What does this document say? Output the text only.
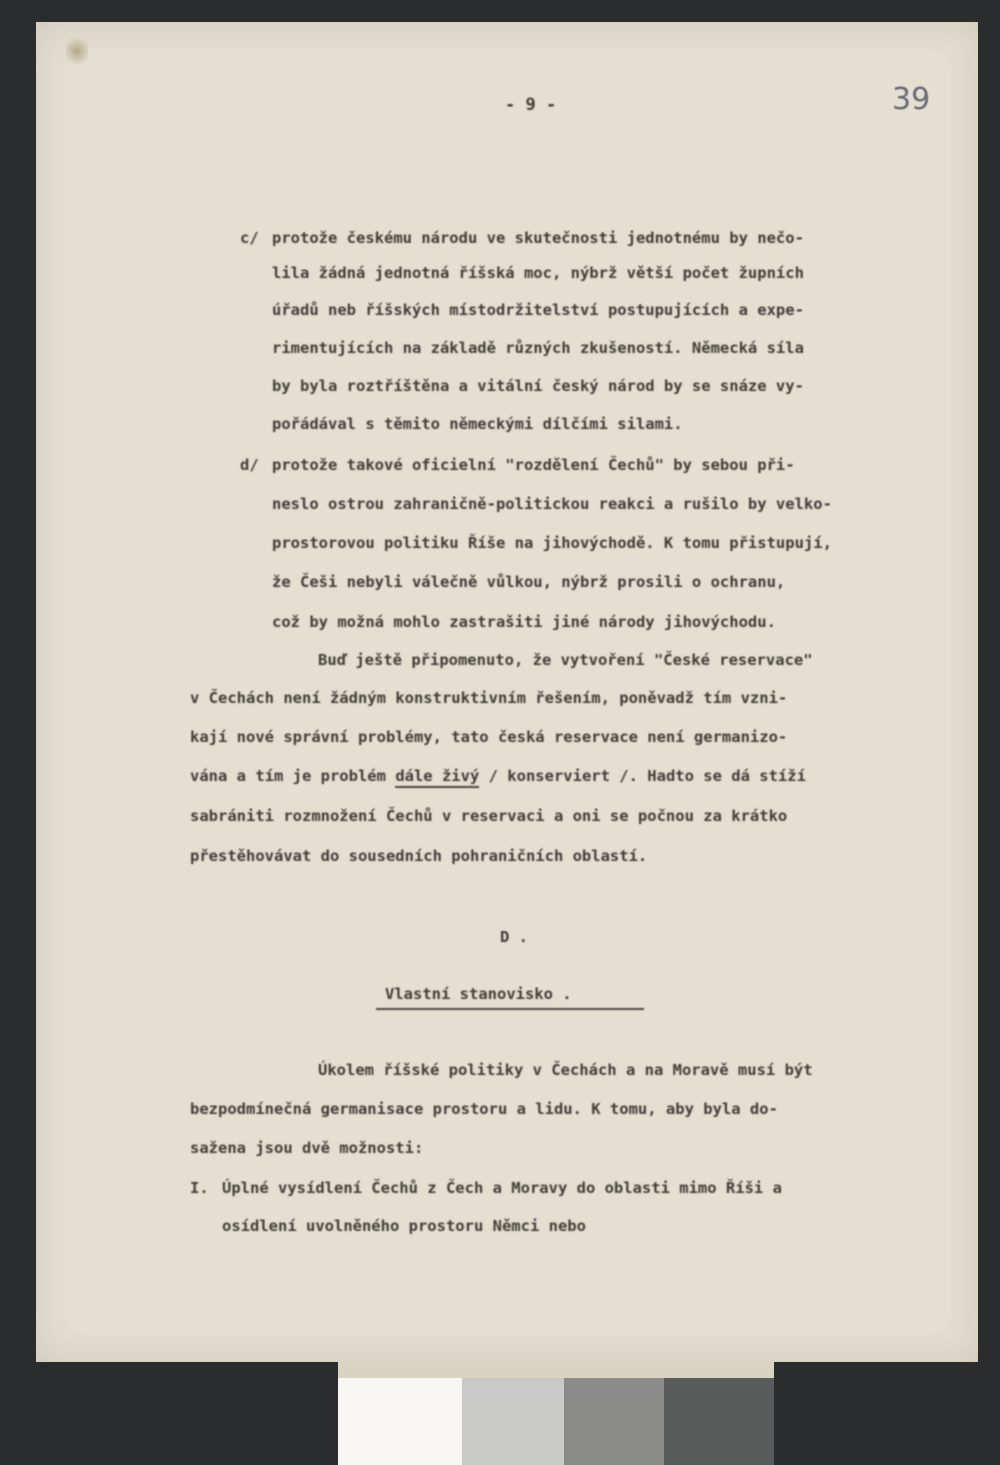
- 9 -	39
c/ protože českému národu ve skutečnosti jednotnému by nečo-
lila žádná jednotná říšská moc, nýbrž větší počet župních
úřadů neb říšských místodržitelství postupujících a expe-
rimentujících na základě různých zkušeností. Německá síla
by byla roztříštěna a vitální český národ by se snáze vy-
pořádával s těmito německými dílčími silami.
d/ protože takové oficielní "rozdělení Čechů" by sebou při-
neslo ostrou zahraničně-politickou reakci a rušilo by velko-
prostorovou politiku Říše na jihovýchodě. K tomu přistupují,
že Češi nebyli válečně vůlkou, nýbrž prosili o ochranu,
což by možná mohlo zastrašiti jiné národy jihovýchodu.
Buď ještě připomenuto, že vytvoření "České reservace"
v Čechách není žádným konstruktivním řešením, poněvadž tím vzni-
kají nové správní problémy, tato česká reservace není germanizo-
vána a tím je problém dále živý / konserviert /. Hadto se dá stíží
sabrániti rozmnožení Čechů v reservaci a oni se počnou za krátko
přestěhovávat do sousedních pohraničních oblastí.
D .
Vlastní stanovisko .
Úkolem říšské politiky v Čechách a na Moravě musí být
bezpodmínečná germanisace prostoru a lidu. K tomu, aby byla do-
sažena jsou dvě možnosti:
I. Úplné vysídlení Čechů z Čech a Moravy do oblasti mimo Říši a
osídlení uvolněného prostoru Němci nebo
